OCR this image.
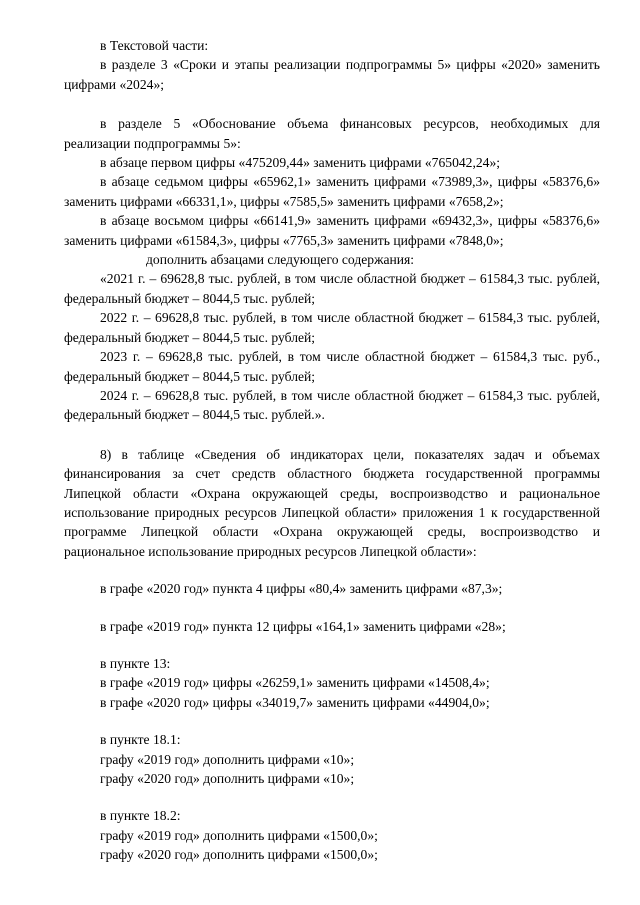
в Текстовой части:

в разделе 3 «Сроки и этапы реализации подпрограммы 5» цифры «2020» заменить цифрами «2024»;

в разделе 5 «Обоснование объема финансовых ресурсов, необходимых для реализации подпрограммы 5»:

в абзаце первом цифры «475209,44» заменить цифрами «765042,24»;

в абзаце седьмом цифры «65962,1» заменить цифрами «73989,3», цифры «58376,6» заменить цифрами «66331,1», цифры «7585,5» заменить цифрами «7658,2»;

в абзаце восьмом цифры «66141,9» заменить цифрами «69432,3», цифры «58376,6» заменить цифрами «61584,3», цифры «7765,3» заменить цифрами «7848,0»;

дополнить абзацами следующего содержания:

«2021 г. – 69628,8 тыс. рублей, в том числе областной бюджет – 61584,3 тыс. рублей, федеральный бюджет – 8044,5 тыс. рублей;

2022 г. – 69628,8 тыс. рублей, в том числе областной бюджет – 61584,3 тыс. рублей, федеральный бюджет – 8044,5 тыс. рублей;

2023 г. – 69628,8 тыс. рублей, в том числе областной бюджет – 61584,3 тыс. руб., федеральный бюджет – 8044,5 тыс. рублей;

2024 г. – 69628,8 тыс. рублей, в том числе областной бюджет – 61584,3 тыс. рублей, федеральный бюджет – 8044,5 тыс. рублей.».

8) в таблице «Сведения об индикаторах цели, показателях задач и объемах финансирования за счет средств областного бюджета государственной программы Липецкой области «Охрана окружающей среды, воспроизводство и рациональное использование природных ресурсов Липецкой области» приложения 1 к государственной программе Липецкой области «Охрана окружающей среды, воспроизводство и рациональное использование природных ресурсов Липецкой области»:

в графе «2020 год» пункта 4 цифры «80,4» заменить цифрами «87,3»;

в графе «2019 год» пункта 12 цифры «164,1» заменить цифрами «28»;

в пункте 13:

в графе «2019 год» цифры «26259,1» заменить цифрами «14508,4»;

в графе «2020 год» цифры «34019,7» заменить цифрами «44904,0»;

в пункте 18.1:

графу «2019 год» дополнить цифрами «10»;

графу «2020 год» дополнить цифрами «10»;

в пункте 18.2:

графу «2019 год» дополнить цифрами «1500,0»;

графу «2020 год» дополнить цифрами «1500,0»;
